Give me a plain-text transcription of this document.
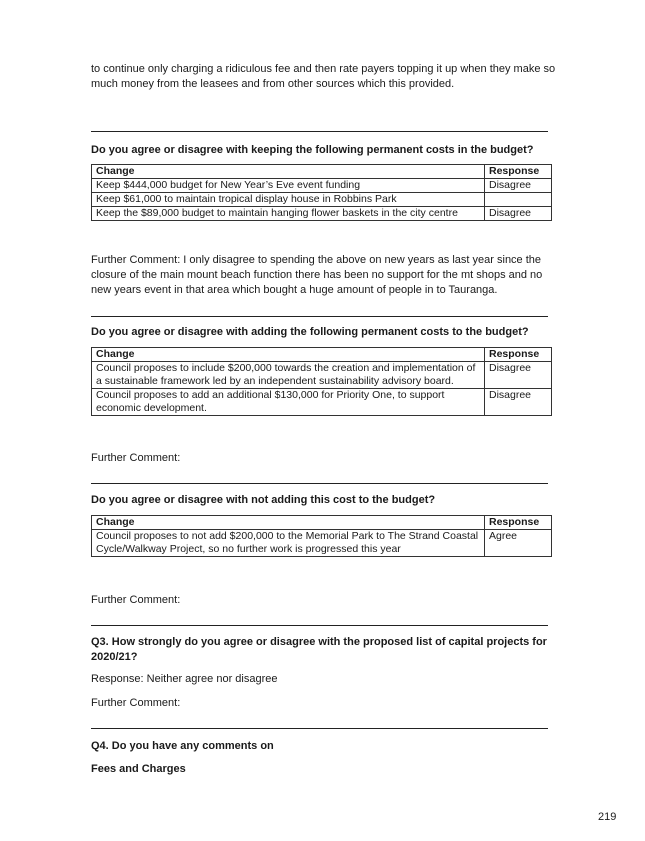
to continue only charging a ridiculous fee and then rate payers topping it up when they make so much money from the leasees and from other sources which this provided.

Do you agree or disagree with keeping the following permanent costs in the budget?

Change	Response
Keep $444,000 budget for New Year’s Eve event funding	Disagree
Keep $61,000 to maintain tropical display house in Robbins Park	
Keep the $89,000 budget to maintain hanging flower baskets in the city centre	Disagree

Further Comment: I only disagree to spending the above on new years as last year since the closure of the main mount beach function there has been no support for the mt shops and no new years event in that area which bought a huge amount of people in to Tauranga.

Do you agree or disagree with adding the following permanent costs to the budget?

Change	Response
Council proposes to include $200,000 towards the creation and implementation of a sustainable framework led by an independent sustainability advisory board.	Disagree
Council proposes to add an additional $130,000 for Priority One, to support economic development.	Disagree

Further Comment:

Do you agree or disagree with not adding this cost to the budget?

Change	Response
Council proposes to not add $200,000 to the Memorial Park to The Strand Coastal Cycle/Walkway Project, so no further work is progressed this year	Agree

Further Comment:

Q3. How strongly do you agree or disagree with the proposed list of capital projects for 2020/21?

Response: Neither agree nor disagree

Further Comment:

Q4. Do you have any comments on

Fees and Charges

219
